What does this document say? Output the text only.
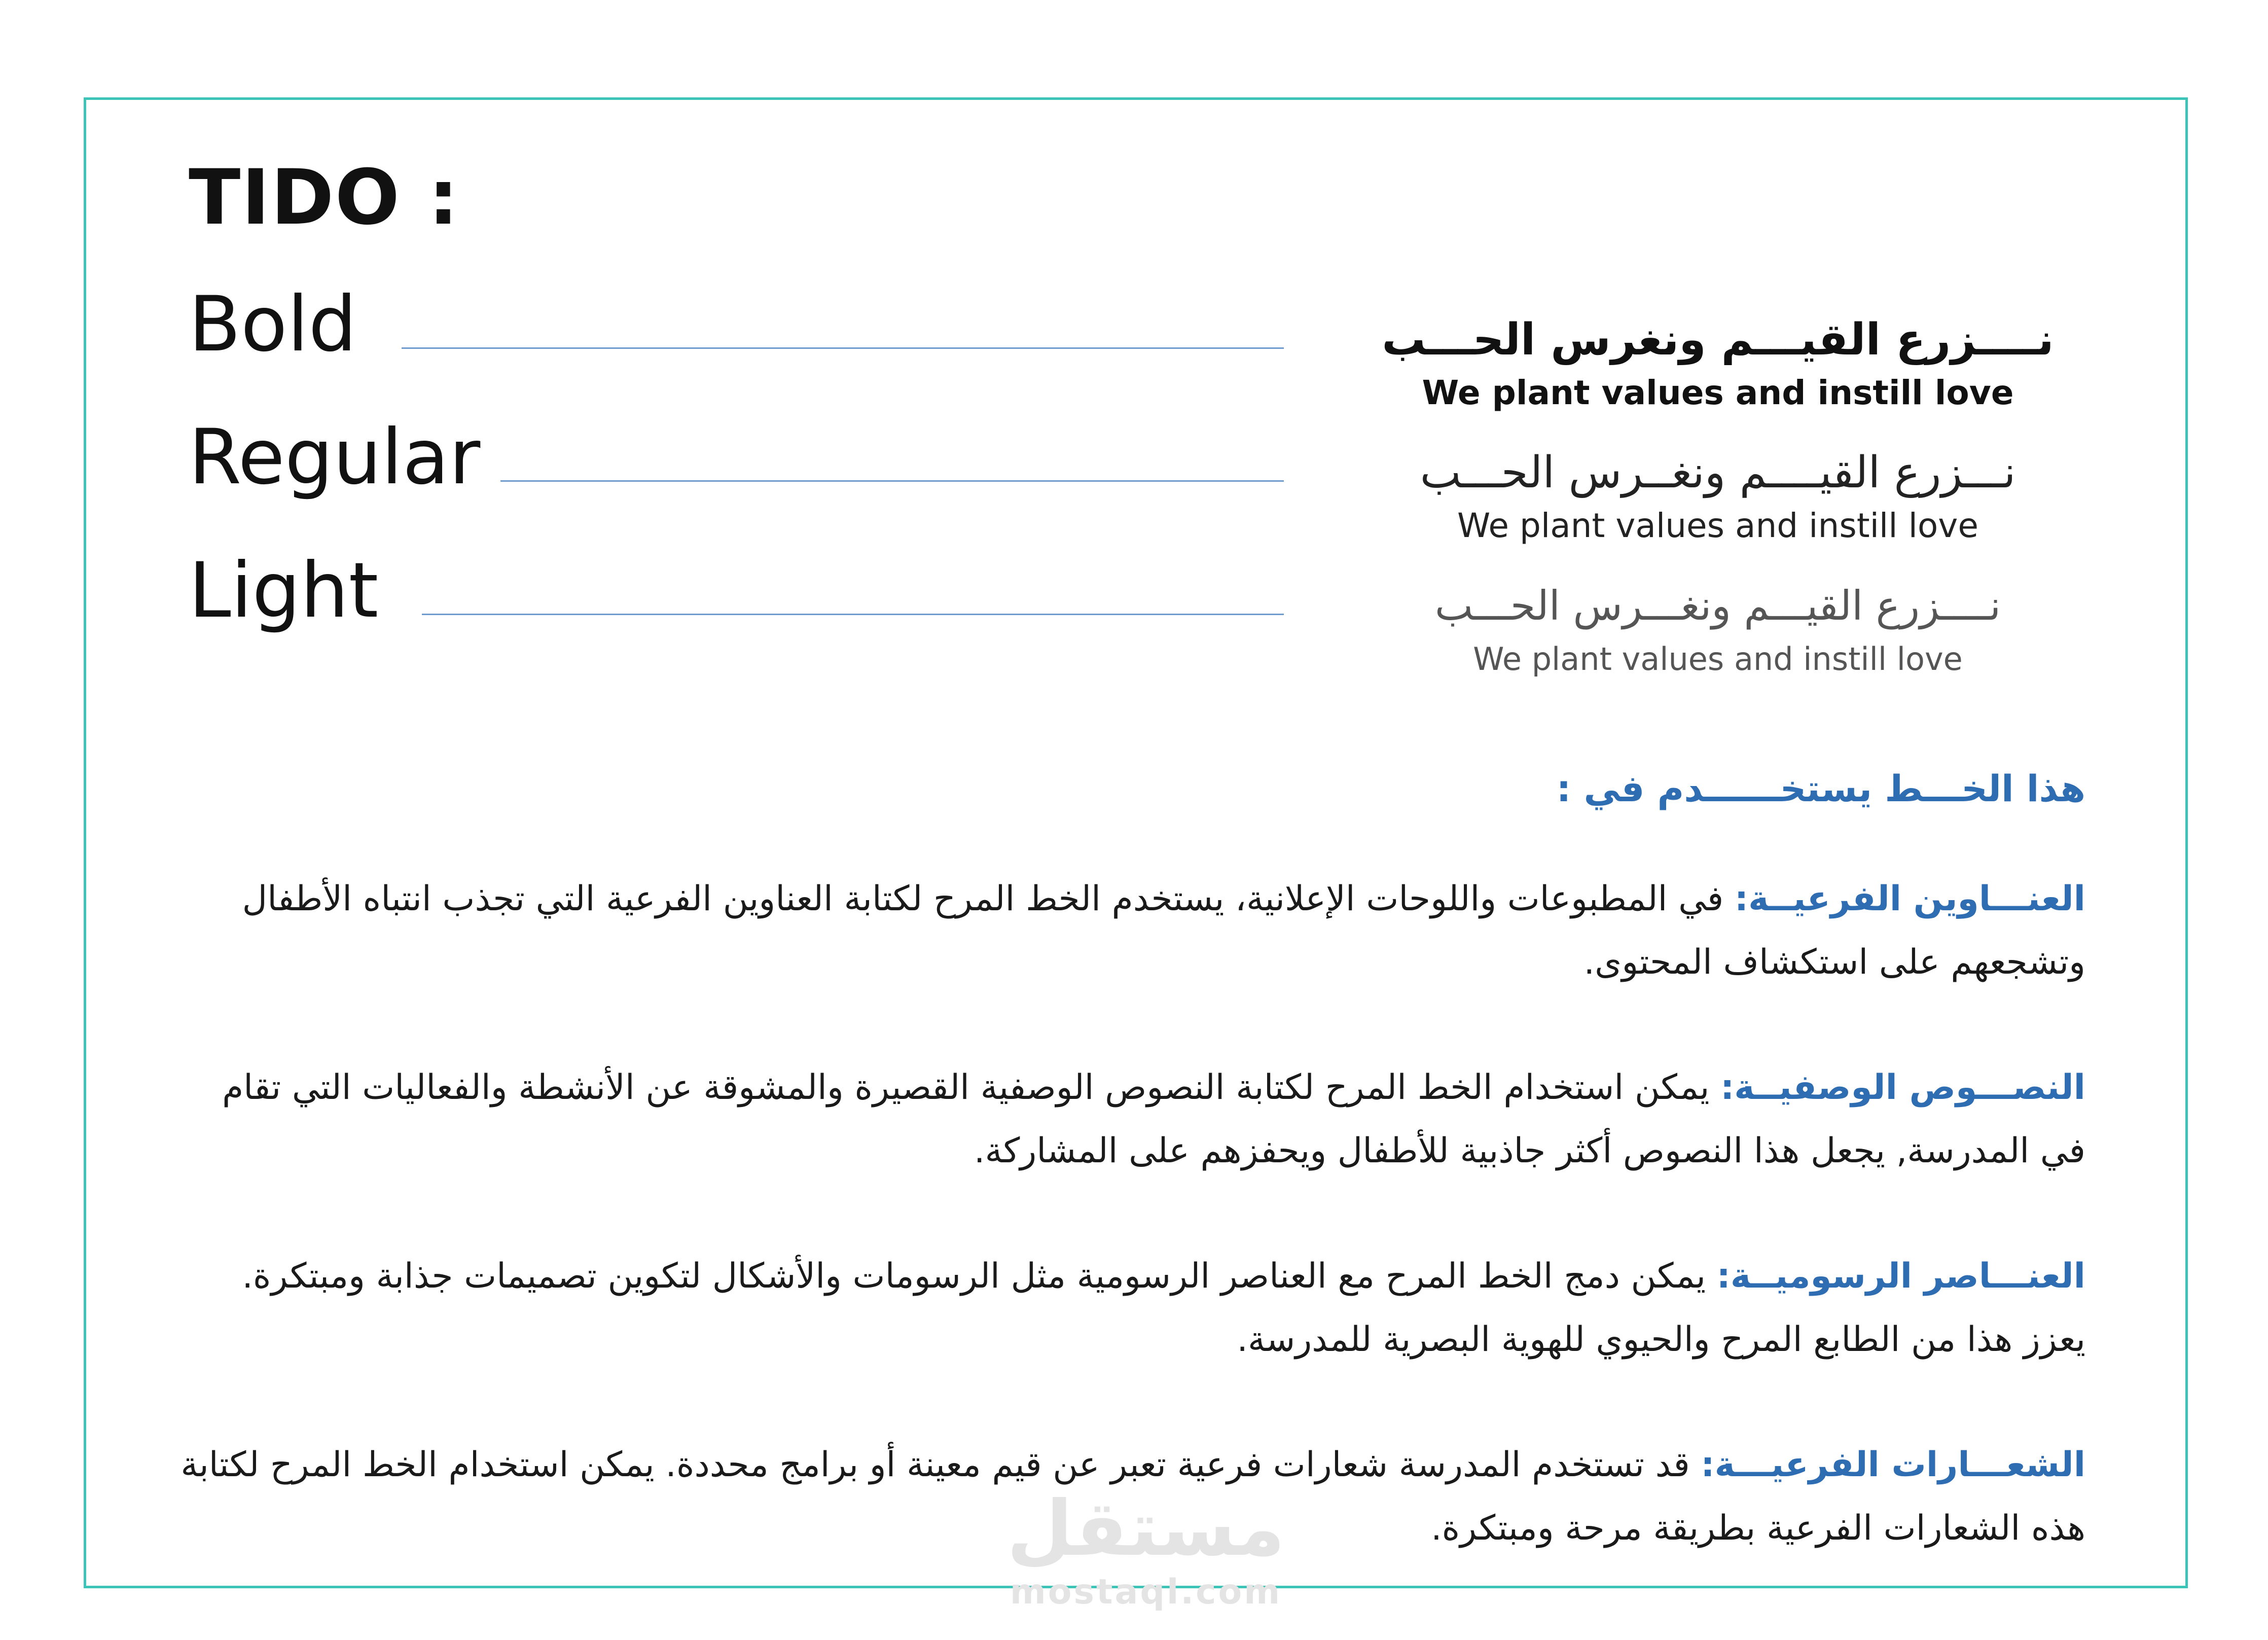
TIDO :
Bold
Regular
Light
نــــزرع القيـــم ونغرس الحـــب
We plant values and instill love
نـــزرع القيــــم ونغــرس الحـــب
We plant values and instill love
نــــزرع القيـــم ونغـــرس الحـــب
We plant values and instill love
هذا الخـــط يستخــــــدم في :

العنـــاوين الفرعيــة: في المطبوعات واللوحات الإعلانية، يستخدم الخط المرح لكتابة العناوين الفرعية التي تجذب انتباه الأطفال وتشجعهم على استكشاف المحتوى.

النصـــوص الوصفيــة: يمكن استخدام الخط المرح لكتابة النصوص الوصفية القصيرة والمشوقة عن الأنشطة والفعاليات التي تقام في المدرسة, يجعل هذا النصوص أكثر جاذبية للأطفال ويحفزهم على المشاركة.

العنـــاصر الرسوميــة: يمكن دمج الخط المرح مع العناصر الرسومية مثل الرسومات والأشكال لتكوين تصميمات جذابة ومبتكرة. يعزز هذا من الطابع المرح والحيوي للهوية البصرية للمدرسة.

الشعـــارات الفرعيـــة: قد تستخدم المدرسة شعارات فرعية تعبر عن قيم معينة أو برامج محددة. يمكن استخدام الخط المرح لكتابة هذه الشعارات الفرعية بطريقة مرحة ومبتكرة.

مستقل
mostaql.com
